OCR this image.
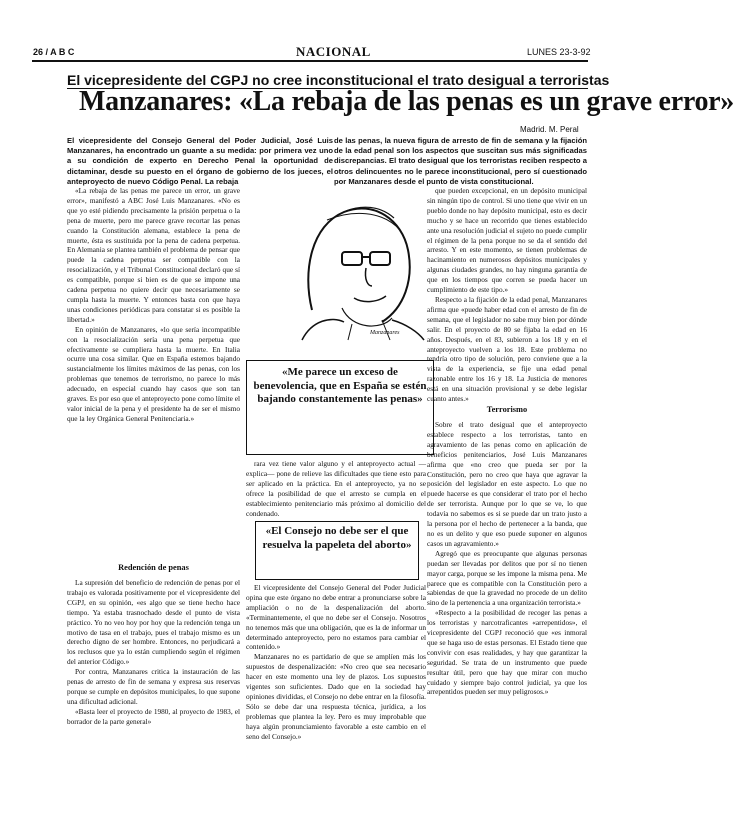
26 / A B C	NACIONAL	LUNES 23-3-92
El vicepresidente del CGPJ no cree inconstitucional el trato desigual a terroristas
Manzanares: «La rebaja de las penas es un grave error»
Madrid. M. Peral
El vicepresidente del Consejo General del Poder Judicial, José Luis Manzanares, ha encontrado un guante a su medida: por primera vez uno a su condición de experto en Derecho Penal la oportunidad de dictaminar, desde su puesto en el órgano de gobierno de los jueces, el anteproyecto de nuevo Código Penal. La rebaja
de las penas, la nueva figura de arresto de fin de semana y la fijación de la edad penal son los aspectos que suscitan sus más significadas discrepancias. El trato desigual que los terroristas reciben respecto a otros delincuentes no le parece inconstitucional, pero sí cuestionado por Manzanares desde el punto de vista constitucional.

«La rebaja de las penas me parece un error, un grave error», manifestó a ABC José Luis Manzanares. «No es que yo esté pidiendo precisamente la prisión perpetua o la pena de muerte, pero me parece grave recortar las penas cuando la Constitución alemana, establece la pena de muerte, ésta es sustituida por la pena de cadena perpetua. En Alemania se plantea también el problema de pensar que puede la cadena perpetua ser compatible con la resocialización, y el Tribunal Constitucional declaró que sí es compatible, porque si bien es de que se impone una cadena perpetua no quiere decir que necesariamente se cumpla hasta la muerte. Y entonces basta con que haya unas condiciones periódicas para constatar si es posible la libertad.»

En opinión de Manzanares, «lo que sería incompatible con la resocialización sería una pena perpetua que efectivamente se cumpliera hasta la muerte. En Italia ocurre una cosa similar. Que en España estemos bajando sustancialmente los límites máximos de las penas, con los problemas que tenemos de terrorismo, no parece lo más adecuado, en especial cuando hay casos que son tan graves. Es por eso que el anteproyecto pone como límite el valor inicial de la pena y el presidente ha de ser el mismo que la ley Orgánica General Penitenciaria.»

Redención de penas

La supresión del beneficio de redención de penas por el trabajo es valorada positivamente por el vicepresidente del CGPJ, en su opinión, «es algo que se tiene hecho hace tiempo. Ya estaba trasnochado desde el punto de vista práctico. Yo no veo hoy por hoy que la redención tenga un motivo de tasa en el trabajo, pues el trabajo mismo es un derecho digno de ser hombre. Entonces, no perjudicará a los reclusos que ya lo están cumpliendo según el régimen del anterior Código.»

Por contra, Manzanares critica la instauración de las penas de arresto de fin de semana y expresa sus reservas porque se cumple en depósitos municipales, lo que supone una dificultad adicional.

«Basta leer el proyecto de 1980, al proyecto de 1983, el borrador de la parte general»

Manzanares
«Me parece un exceso de benevolencia, que en España se estén bajando constantemente las penas»

rara vez tiene valor alguno y el anteproyecto actual —explica— pone de relieve las dificultades que tiene esto para ser aplicado en la práctica. En el anteproyecto, ya no se ofrece la posibilidad de que el arresto se cumpla en el establecimiento penitenciario más próximo al domicilio del condenado.

«El Consejo no debe ser el que resuelva la papeleta del aborto»

El vicepresidente del Consejo General del Poder Judicial opina que este órgano no debe entrar a pronunciarse sobre la ampliación o no de la despenalización del aborto. «Terminantemente, el que no debe ser el Consejo. Nosotros no tenemos más que una obligación, que es la de informar un determinado anteproyecto, pero no estamos para cambiar el contenido.»

Manzanares no es partidario de que se amplíen más los supuestos de despenalización: «No creo que sea necesario hacer en este momento una ley de plazos. Los supuestos vigentes son suficientes. Dado que en la sociedad hay opiniones divididas, el Consejo no debe entrar en la filosofía. Sólo se debe dar una respuesta técnica, jurídica, a los problemas que plantea la ley. Pero es muy improbable que haya algún pronunciamiento favorable a este cambio en el seno del Consejo.»

que pueden excepcional, en un depósito municipal sin ningún tipo de control. Si uno tiene que vivir en un pueblo donde no hay depósito municipal, esto es decir mucho y se hace un recorrido que tienes establecido ante una resolución judicial el sujeto no puede cumplir el régimen de la pena porque no se da el sentido del arresto. Y en este momento, se tienen problemas de hacinamiento en numerosos depósitos municipales y algunas ciudades grandes, no hay ninguna garantía de que en los tiempos que corren se pueda hacer un cumplimiento de este tipo.»

Respecto a la fijación de la edad penal, Manzanares afirma que «puede haber edad con el arresto de fin de semana, que el legislador no sabe muy bien por dónde salir. En el proyecto de 80 se fijaba la edad en 16 años. Después, en el 83, subieron a los 18 y en el anteproyecto vuelven a los 18. Este problema no tendría otro tipo de solución, pero conviene que a la vista de la experiencia, se fije una edad penal razonable entre los 16 y 18. La Justicia de menores está en una situación provisional y se debe legislar cuanto antes.»

Terrorismo

Sobre el trato desigual que el anteproyecto establece respecto a los terroristas, tanto en agravamiento de las penas como en aplicación de beneficios penitenciarios, José Luis Manzanares afirma que «no creo que pueda ser por la Constitución, pero no creo que haya que agravar la posición del legislador en este aspecto. Lo que no puede hacerse es que considerar el trato por el hecho de ser terrorista. Aunque por lo que se ve, lo que todavía no sabemos es si se puede dar un trato justo a la persona por el hecho de pertenecer a la banda, que no es un delito y que eso puede suponer en algunos casos un agravamiento.»

Agregó que es preocupante que algunas personas puedan ser llevadas por delitos que por sí no tienen mayor carga, porque se les impone la misma pena. Me parece que es compatible con la Constitución pero a sabiendas de que la gravedad no procede de un delito sino de la pertenencia a una organización terrorista.»

«Respecto a la posibilidad de recoger las penas a los terroristas y narcotraficantes «arrepentidos», el vicepresidente del CGPJ reconoció que «es inmoral que se haga uso de estas personas. El Estado tiene que convivir con esas realidades, y hay que garantizar la seguridad. Se trata de un instrumento que puede resultar útil, pero que hay que mirar con mucho cuidado y siempre bajo control judicial, ya que los arrepentidos pueden ser muy peligrosos.»
